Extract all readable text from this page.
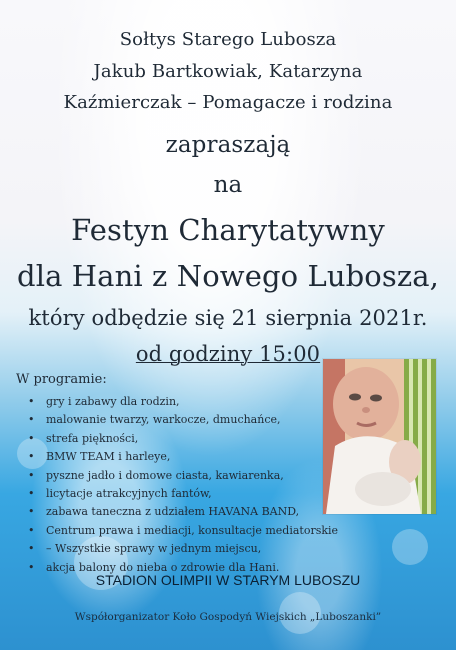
Sołtys Starego Lubosza
Jakub Bartkowiak, Katarzyna
Kaźmierczak – Pomagacze i rodzina
zapraszają
na
Festyn Charytatywny
dla Hani z Nowego Lubosza,
który odbędzie się 21 sierpnia 2021r.
od godziny 15:00
W programie:
• gry i zabawy dla rodzin,
• malowanie twarzy, warkocze, dmuchańce,
• strefa piękności,
• BMW TEAM i harleye,
• pyszne jadło i domowe ciasta, kawiarenka,
• licytacje atrakcyjnych fantów,
• zabawa taneczna z udziałem HAVANA BAND,
• Centrum prawa i mediacji, konsultacje mediatorskie
• – Wszystkie sprawy w jednym miejscu,
• akcja balony do nieba o zdrowie dla Hani.
STADION OLIMPII W STARYM LUBOSZU
Współorganizator Koło Gospodyń Wiejskich „Luboszanki”
